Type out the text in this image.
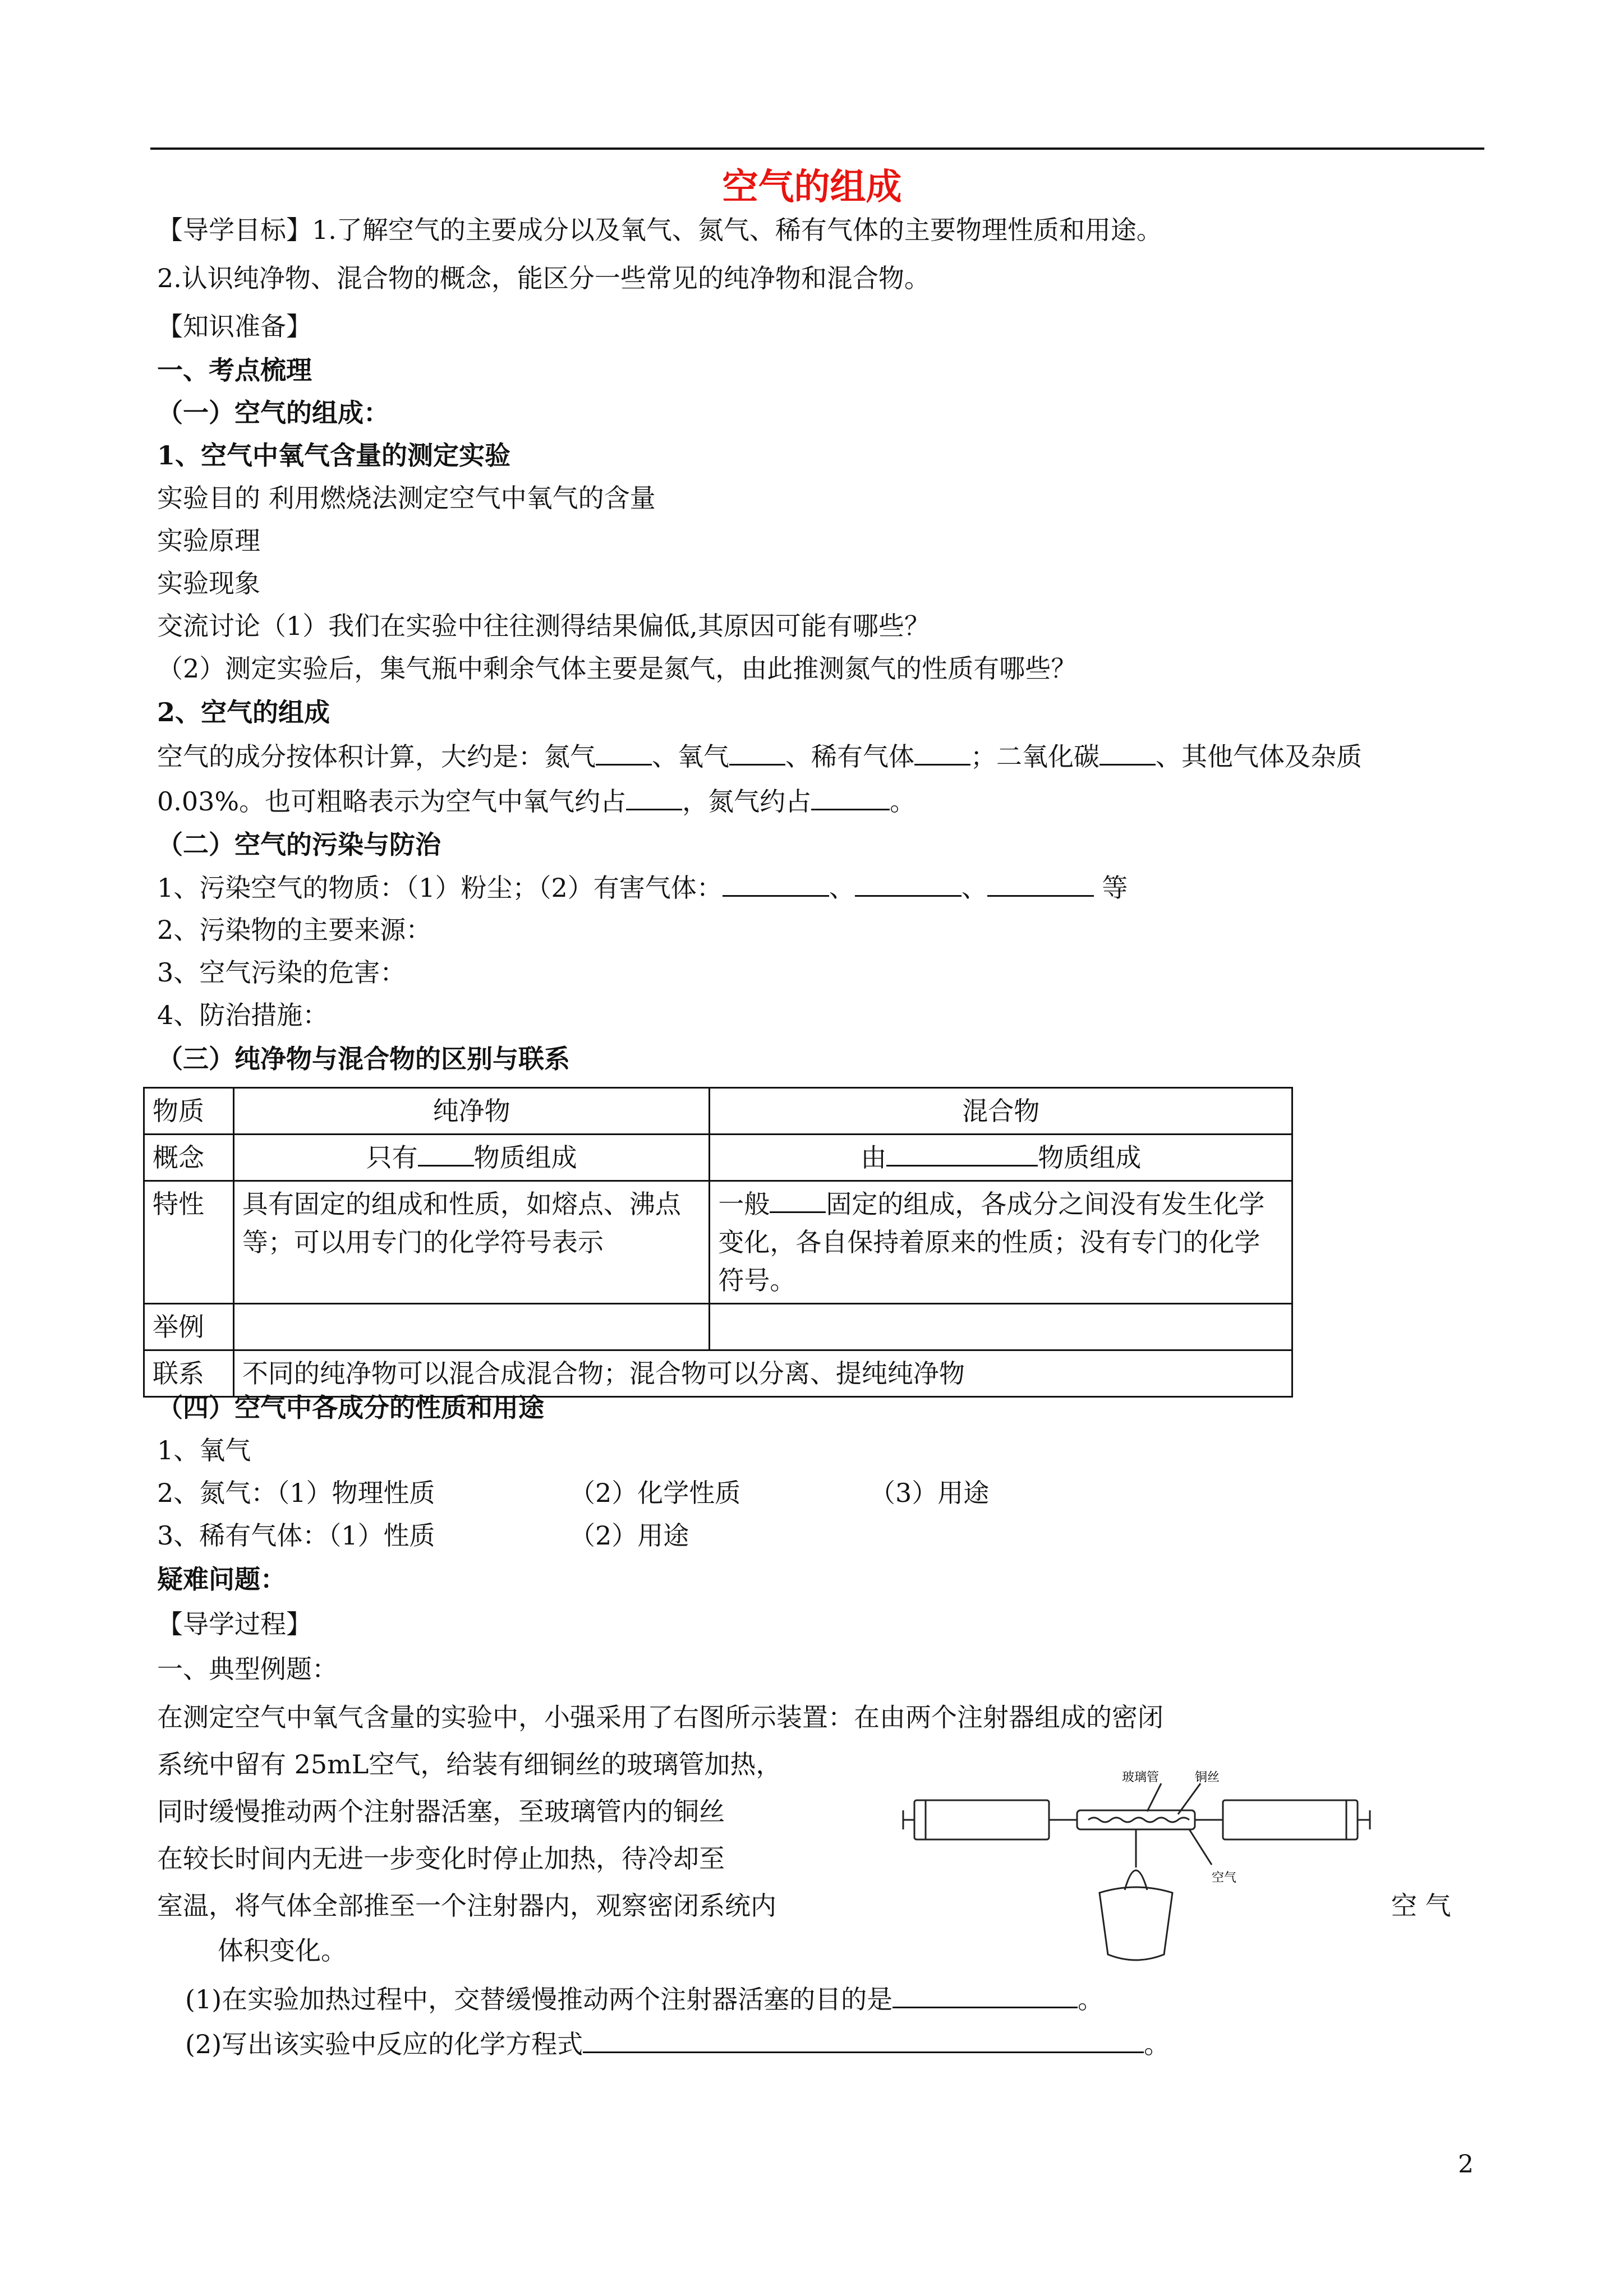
空气的组成
【导学目标】1.了解空气的主要成分以及氧气、氮气、稀有气体的主要物理性质和用途。
2.认识纯净物、混合物的概念，能区分一些常见的纯净物和混合物。
【知识准备】
一、考点梳理
（一）空气的组成：
1、空气中氧气含量的测定实验
实验目的 利用燃烧法测定空气中氧气的含量
实验原理
实验现象
交流讨论（1）我们在实验中往往测得结果偏低,其原因可能有哪些？
（2）测定实验后，集气瓶中剩余气体主要是氮气，由此推测氮气的性质有哪些？
2、空气的组成
空气的成分按体积计算，大约是：氮气 、氧气 、稀有气体 ；二氧化碳 、其他气体及杂质
0.03%。也可粗略表示为空气中氧气约占 ，氮气约占	。
（二）空气的污染与防治
1、污染空气的物质：（1）粉尘；（2）有害气体：	、	、	等
2、污染物的主要来源：
3、空气污染的危害：
4、防治措施：
（三）纯净物与混合物的区别与联系
物质	纯净物	混合物
概念	只有 物质组成	由 物质组成
特性	具有固定的组成和性质，如熔点、沸点等；可以用专门的化学符号表示	一般 固定的组成，各成分之间没有发生化学变化，各自保持着原来的性质；没有专门的化学符号。
举例		
联系	不同的纯净物可以混合成混合物；混合物可以分离、提纯纯净物	
（四）空气中各成分的性质和用途
1、氧气
2、氮气：（1）物理性质	（2）化学性质	（3）用途
3、稀有气体：（1）性质	（2）用途
疑难问题：
【导学过程】
一、典型例题：
在测定空气中氧气含量的实验中，小强采用了右图所示装置：在由两个注射器组成的密闭
系统中留有 25mL空气，给装有细铜丝的玻璃管加热，
同时缓慢推动两个注射器活塞，至玻璃管内的铜丝
在较长时间内无进一步变化时停止加热，待冷却至
室温，将气体全部推至一个注射器内，观察密闭系统内	空 气
体积变化。
(1)在实验加热过程中，交替缓慢推动两个注射器活塞的目的是	。
(2)写出该实验中反应的化学方程式	。
玻璃管	铜丝
空气
2
